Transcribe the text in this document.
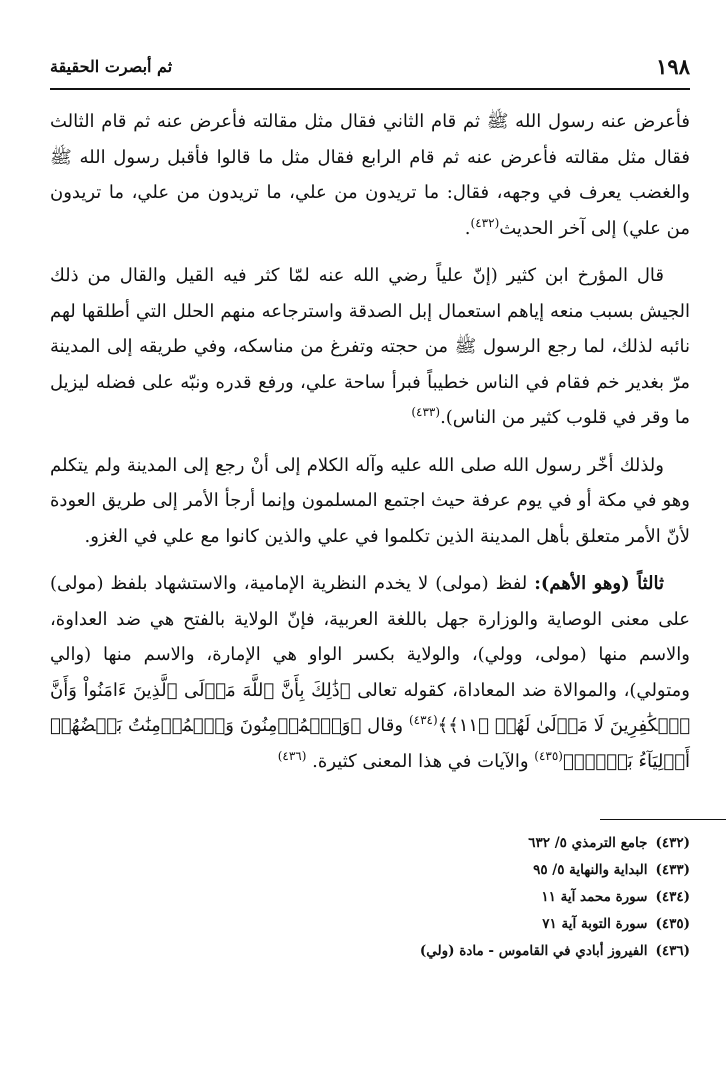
١٩٨
ثم أبصرت الحقيقة

فأعرض عنه رسول الله ﷺ ثم قام الثاني فقال مثل مقالته فأعرض عنه ثم قام الثالث فقال مثل مقالته فأعرض عنه ثم قام الرابع فقال مثل ما قالوا فأقبل رسول الله ﷺ والغضب يعرف في وجهه، فقال: ما تريدون من علي، ما تريدون من علي، ما تريدون من علي) إلى آخر الحديث$^{(٤٣٢)}$.

قال المؤرخ ابن كثير (إنّ علياً رضي الله عنه لمّا كثر فيه القيل والقال من ذلك الجيش بسبب منعه إياهم استعمال إبل الصدقة واسترجاعه منهم الحلل التي أطلقها لهم نائبه لذلك، لما رجع الرسول ﷺ من حجته وتفرغ من مناسكه، وفي طريقه إلى المدينة مرّ بغدير خم فقام في الناس خطيباً فبرأ ساحة علي، ورفع قدره ونبّه على فضله ليزيل ما وقر في قلوب كثير من الناس).$^{(٤٣٣)}$

ولذلك أخّر رسول الله صلى الله عليه وآله الكلام إلى أنْ رجع إلى المدينة ولم يتكلم وهو في مكة أو في يوم عرفة حيث اجتمع المسلمون وإنما أرجأ الأمر إلى طريق العودة لأنّ الأمر متعلق بأهل المدينة الذين تكلموا في علي والذين كانوا مع علي في الغزو.

ثالثاً (وهو الأهم): لفظ (مولى) لا يخدم النظرية الإمامية، والاستشهاد بلفظ (مولى) على معنى الوصاية والوزارة جهل باللغة العربية، فإنّ الولاية بالفتح هي ضد العداوة، والاسم منها (مولى، وولي)، والولاية بكسر الواو هي الإمارة، والاسم منها (والي ومتولي)، والموالاة ضد المعاداة، كقوله تعالى ﴿ذَٰلِكَ بِأَنَّ ٱللَّهَ مَوۡلَى ٱلَّذِينَ ءَامَنُواْ وَأَنَّ ٱلۡكَٰفِرِينَ لَا مَوۡلَىٰ لَهُمۡ ﴿١١﴾﴾$^{(٤٣٤)}$ وقال ﴿وَٱلۡمُؤۡمِنُونَ وَٱلۡمُؤۡمِنَٰتُ بَعۡضُهُمۡ أَوۡلِيَآءُ بَعۡضٖۚ﴾$^{(٤٣٥)}$ والآيات في هذا المعنى كثيرة. $^{(٤٣٦)}$

(٤٣٢)جامع الترمذي ٥/ ٦٣٢
(٤٣٣)البداية والنهاية ٥/ ٩٥
(٤٣٤)سورة محمد آية ١١
(٤٣٥)سورة التوبة آية ٧١
(٤٣٦)الفيروز أبادي في القاموس - مادة (ولي)
